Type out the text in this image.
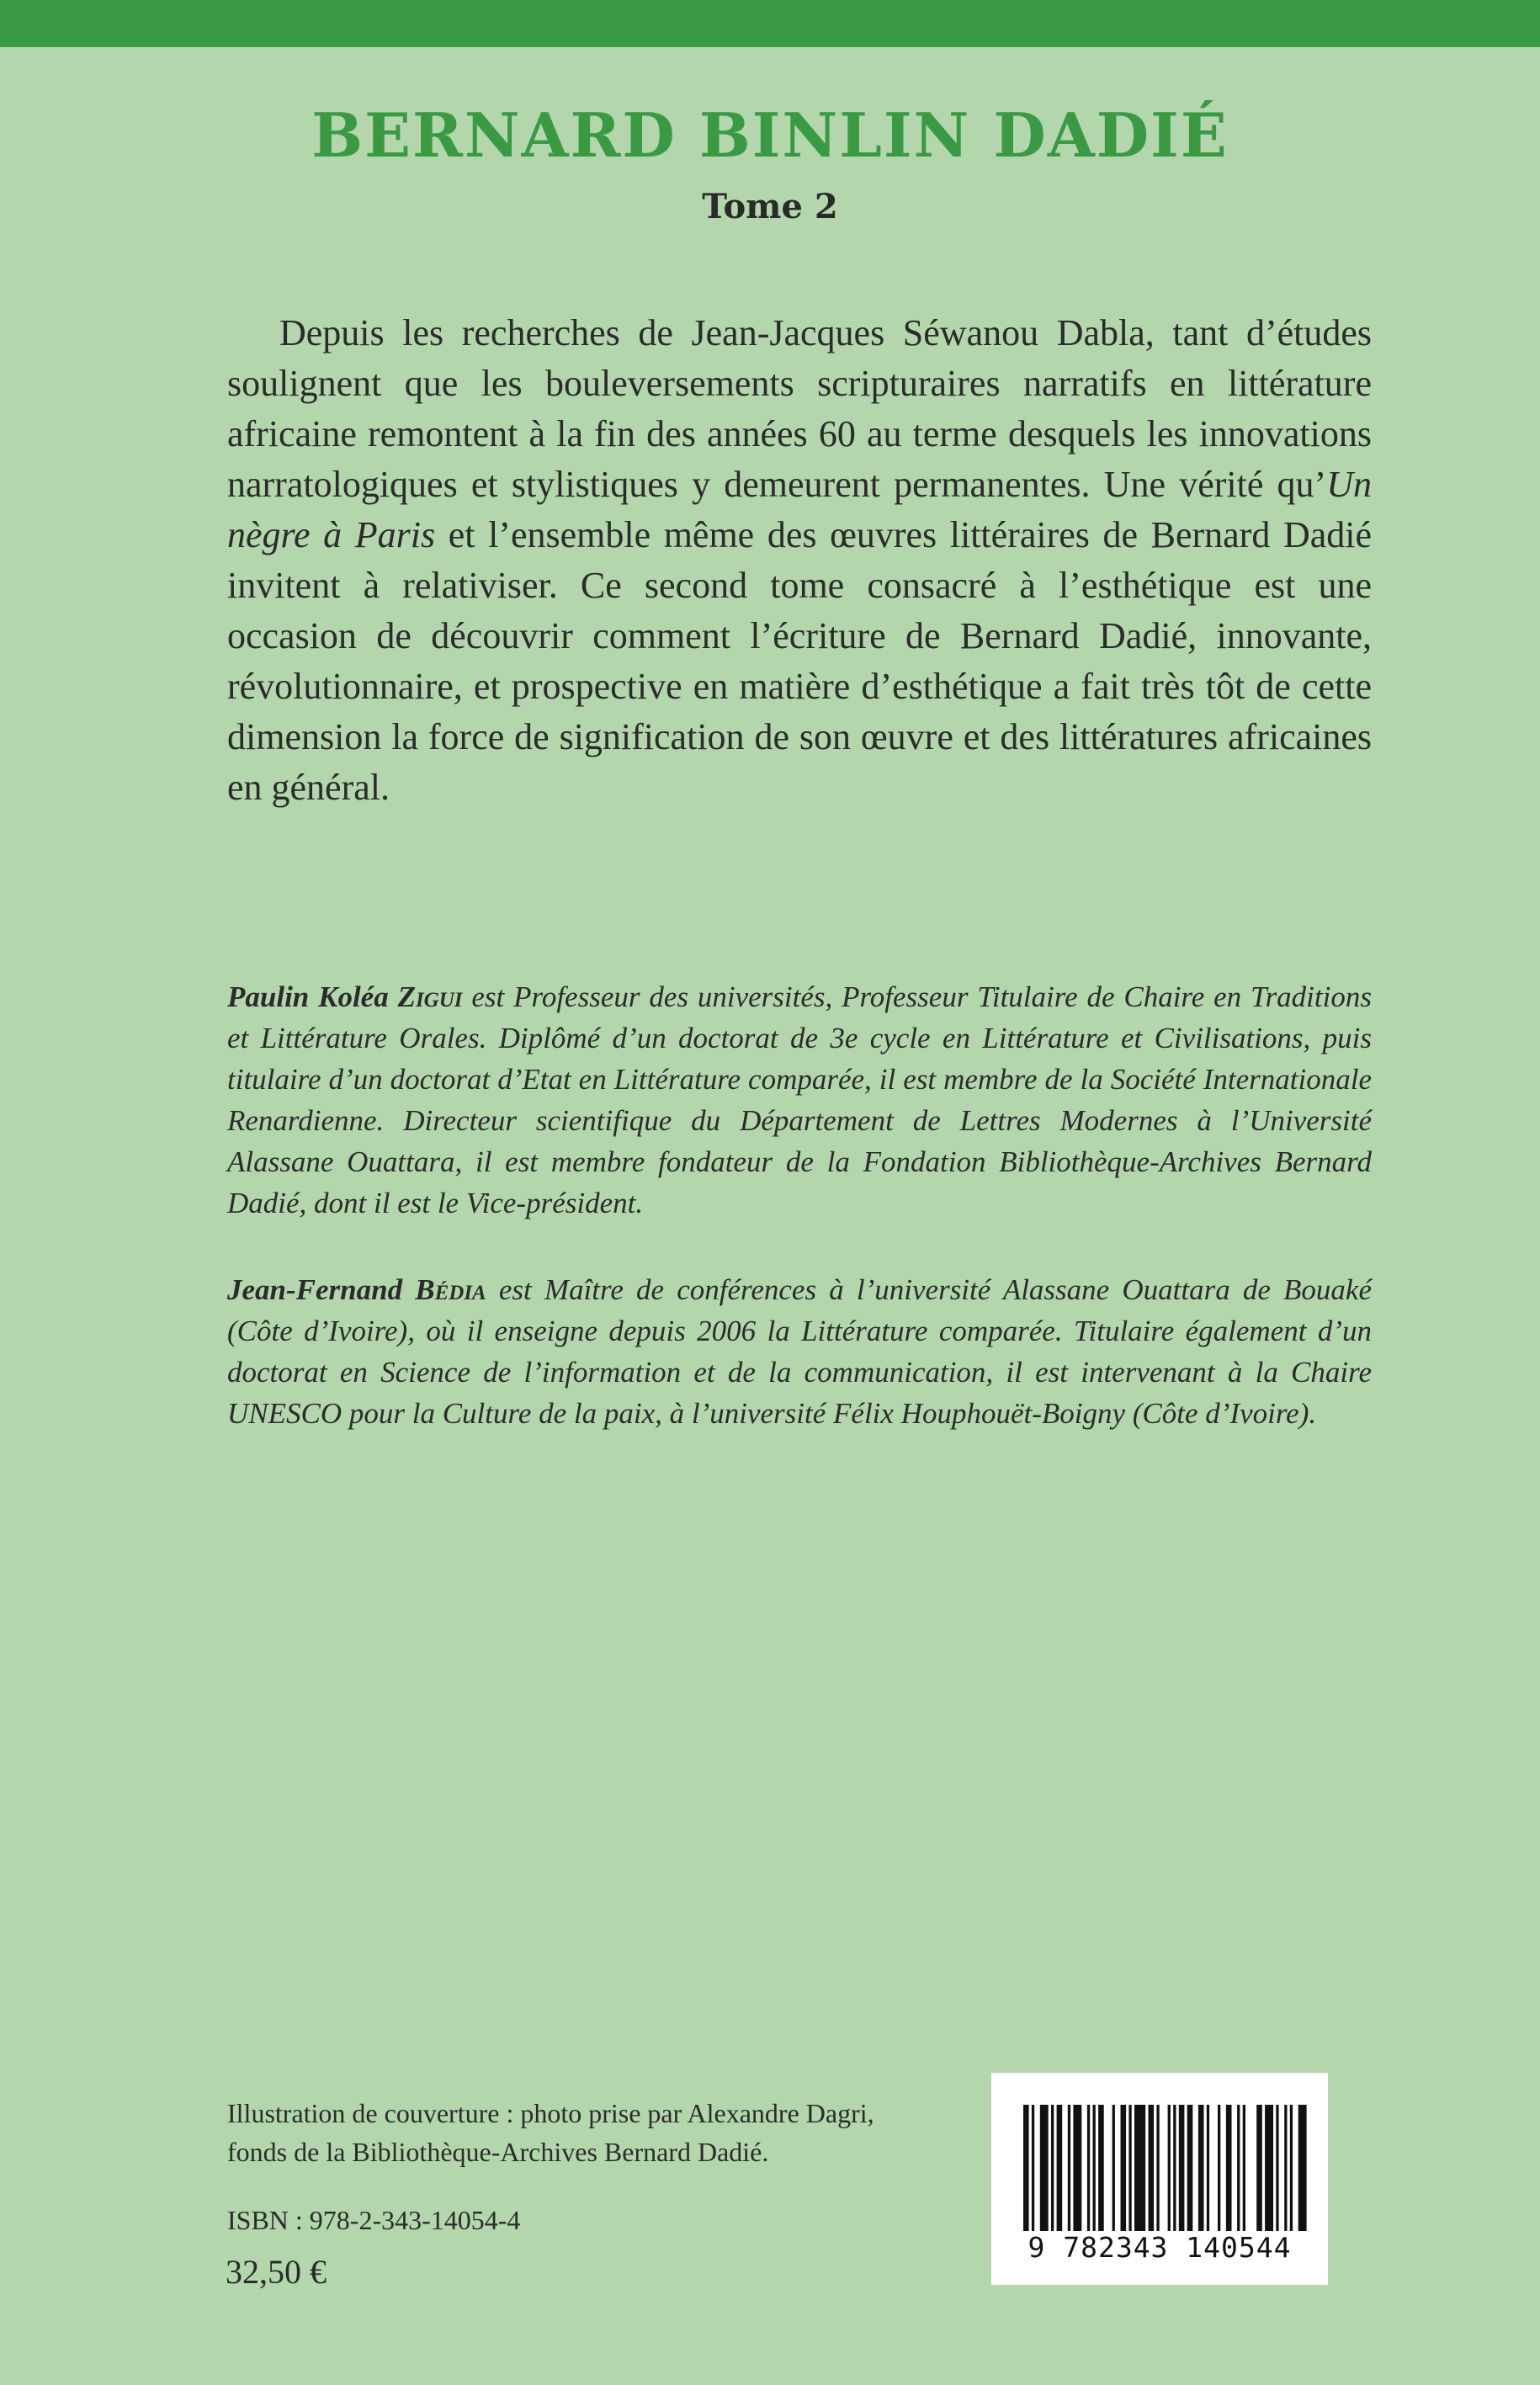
BERNARD BINLIN DADIÉ
Tome 2

Depuis les recherches de Jean-Jacques Séwanou Dabla, tant d’études soulignent que les bouleversements scripturaires narratifs en littérature africaine remontent à la fin des années 60 au terme desquels les innovations narratologiques et stylistiques y demeurent permanentes. Une vérité qu’Un nègre à Paris et l’ensemble même des œuvres littéraires de Bernard Dadié invitent à relativiser. Ce second tome consacré à l’esthétique est une occasion de découvrir comment l’écriture de Bernard Dadié, innovante, révolutionnaire, et prospective en matière d’esthétique a fait très tôt de cette dimension la force de signification de son œuvre et des littératures africaines en général.

Paulin Koléa Zigui est Professeur des universités, Professeur Titulaire de Chaire en Traditions et Littérature Orales. Diplômé d’un doctorat de 3e cycle en Littérature et Civilisations, puis titulaire d’un doctorat d’Etat en Littérature comparée, il est membre de la Société Internationale Renardienne. Directeur scientifique du Département de Lettres Modernes à l’Université Alassane Ouattara, il est membre fondateur de la Fondation Bibliothèque-Archives Bernard Dadié, dont il est le Vice-président.

Jean-Fernand Bédia est Maître de conférences à l’université Alassane Ouattara de Bouaké (Côte d’Ivoire), où il enseigne depuis 2006 la Littérature comparée. Titulaire également d’un doctorat en Science de l’information et de la communication, il est intervenant à la Chaire UNESCO pour la Culture de la paix, à l’université Félix Houphouët-Boigny (Côte d’Ivoire).

Illustration de couverture : photo prise par Alexandre Dagri,
fonds de la Bibliothèque-Archives Bernard Dadié.
ISBN : 978-2-343-14054-4
32,50 €
9 782343 140544
